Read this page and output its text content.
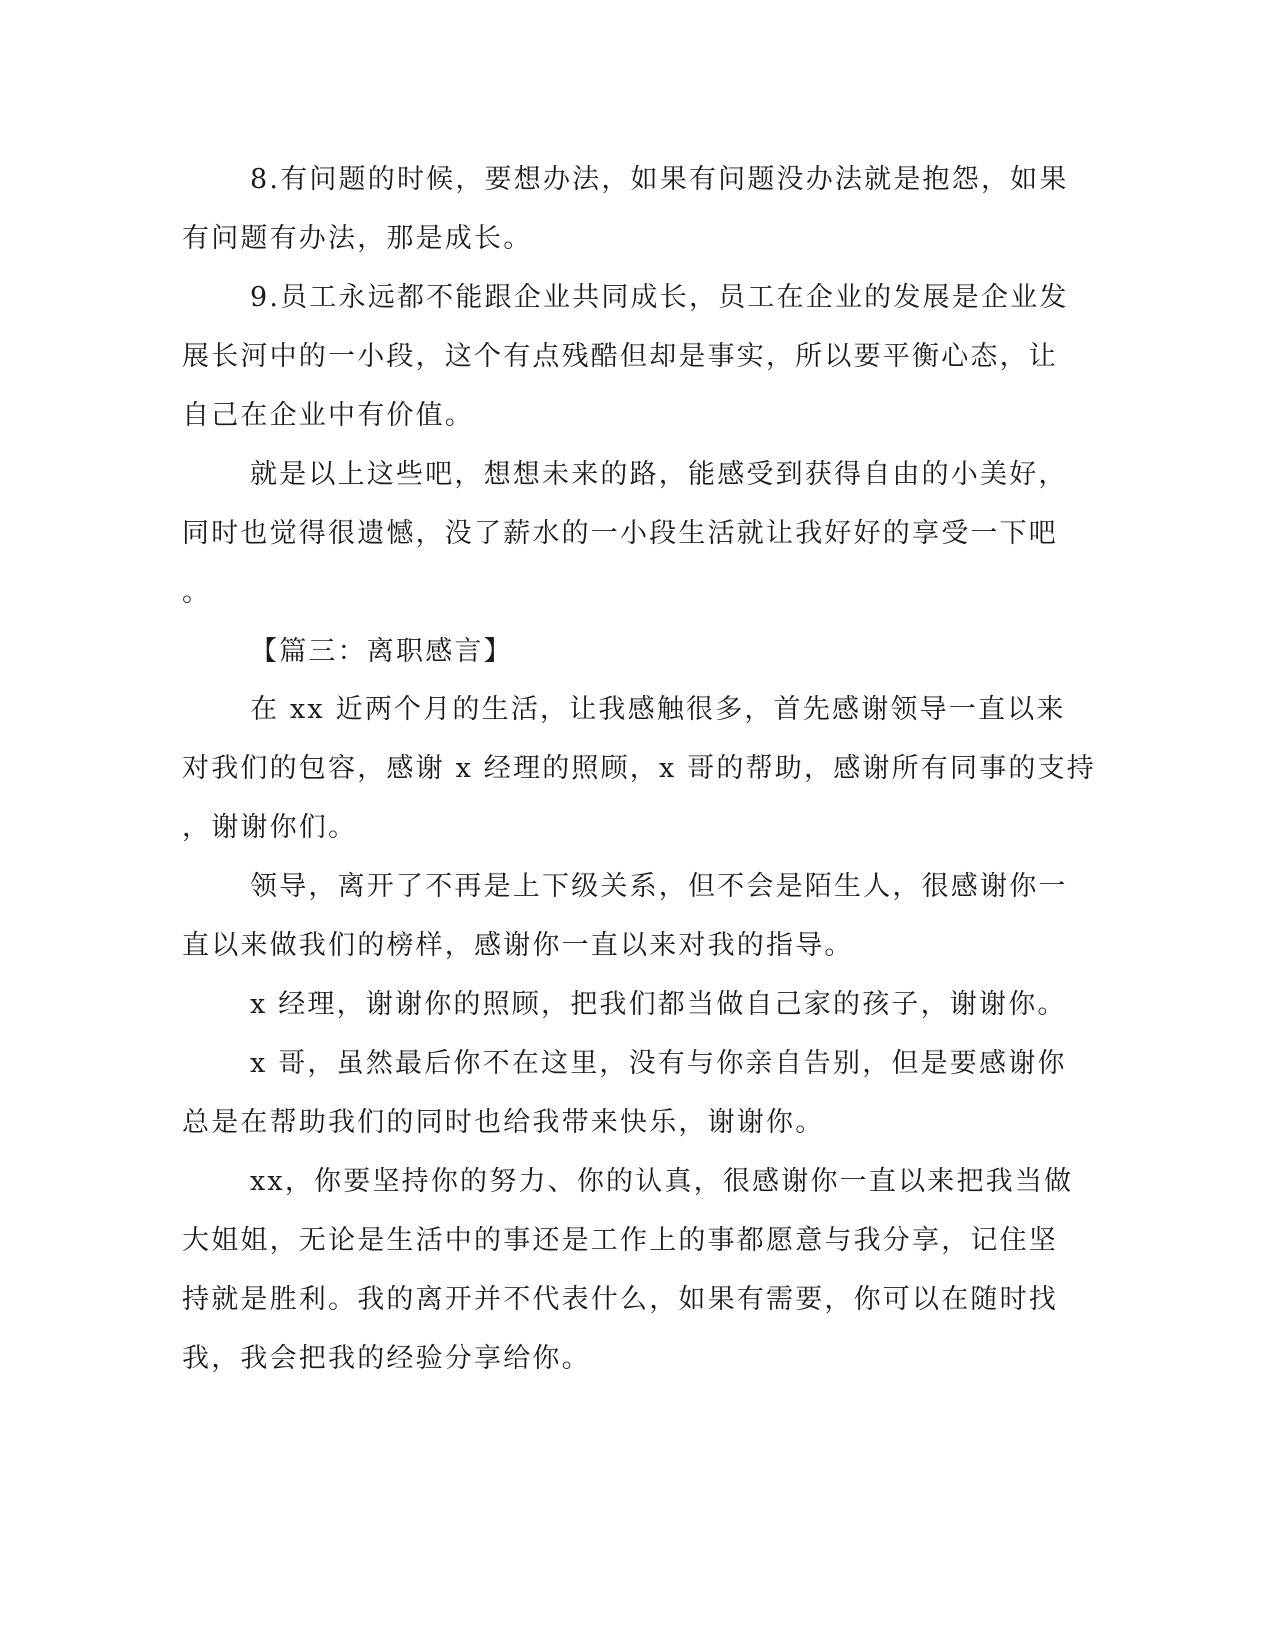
8.有问题的时候，要想办法，如果有问题没办法就是抱怨，如果

有问题有办法，那是成长。

9.员工永远都不能跟企业共同成长，员工在企业的发展是企业发

展长河中的一小段，这个有点残酷但却是事实，所以要平衡心态，让

自己在企业中有价值。

就是以上这些吧，想想未来的路，能感受到获得自由的小美好，

同时也觉得很遗憾，没了薪水的一小段生活就让我好好的享受一下吧

。

【篇三：离职感言】

在 xx 近两个月的生活，让我感触很多，首先感谢领导一直以来

对我们的包容，感谢 x 经理的照顾，x 哥的帮助，感谢所有同事的支持

，谢谢你们。

领导，离开了不再是上下级关系，但不会是陌生人，很感谢你一

直以来做我们的榜样，感谢你一直以来对我的指导。

x 经理，谢谢你的照顾，把我们都当做自己家的孩子，谢谢你。

x 哥，虽然最后你不在这里，没有与你亲自告别，但是要感谢你

总是在帮助我们的同时也给我带来快乐，谢谢你。

xx，你要坚持你的努力、你的认真，很感谢你一直以来把我当做

大姐姐，无论是生活中的事还是工作上的事都愿意与我分享，记住坚

持就是胜利。我的离开并不代表什么，如果有需要，你可以在随时找

我，我会把我的经验分享给你。
